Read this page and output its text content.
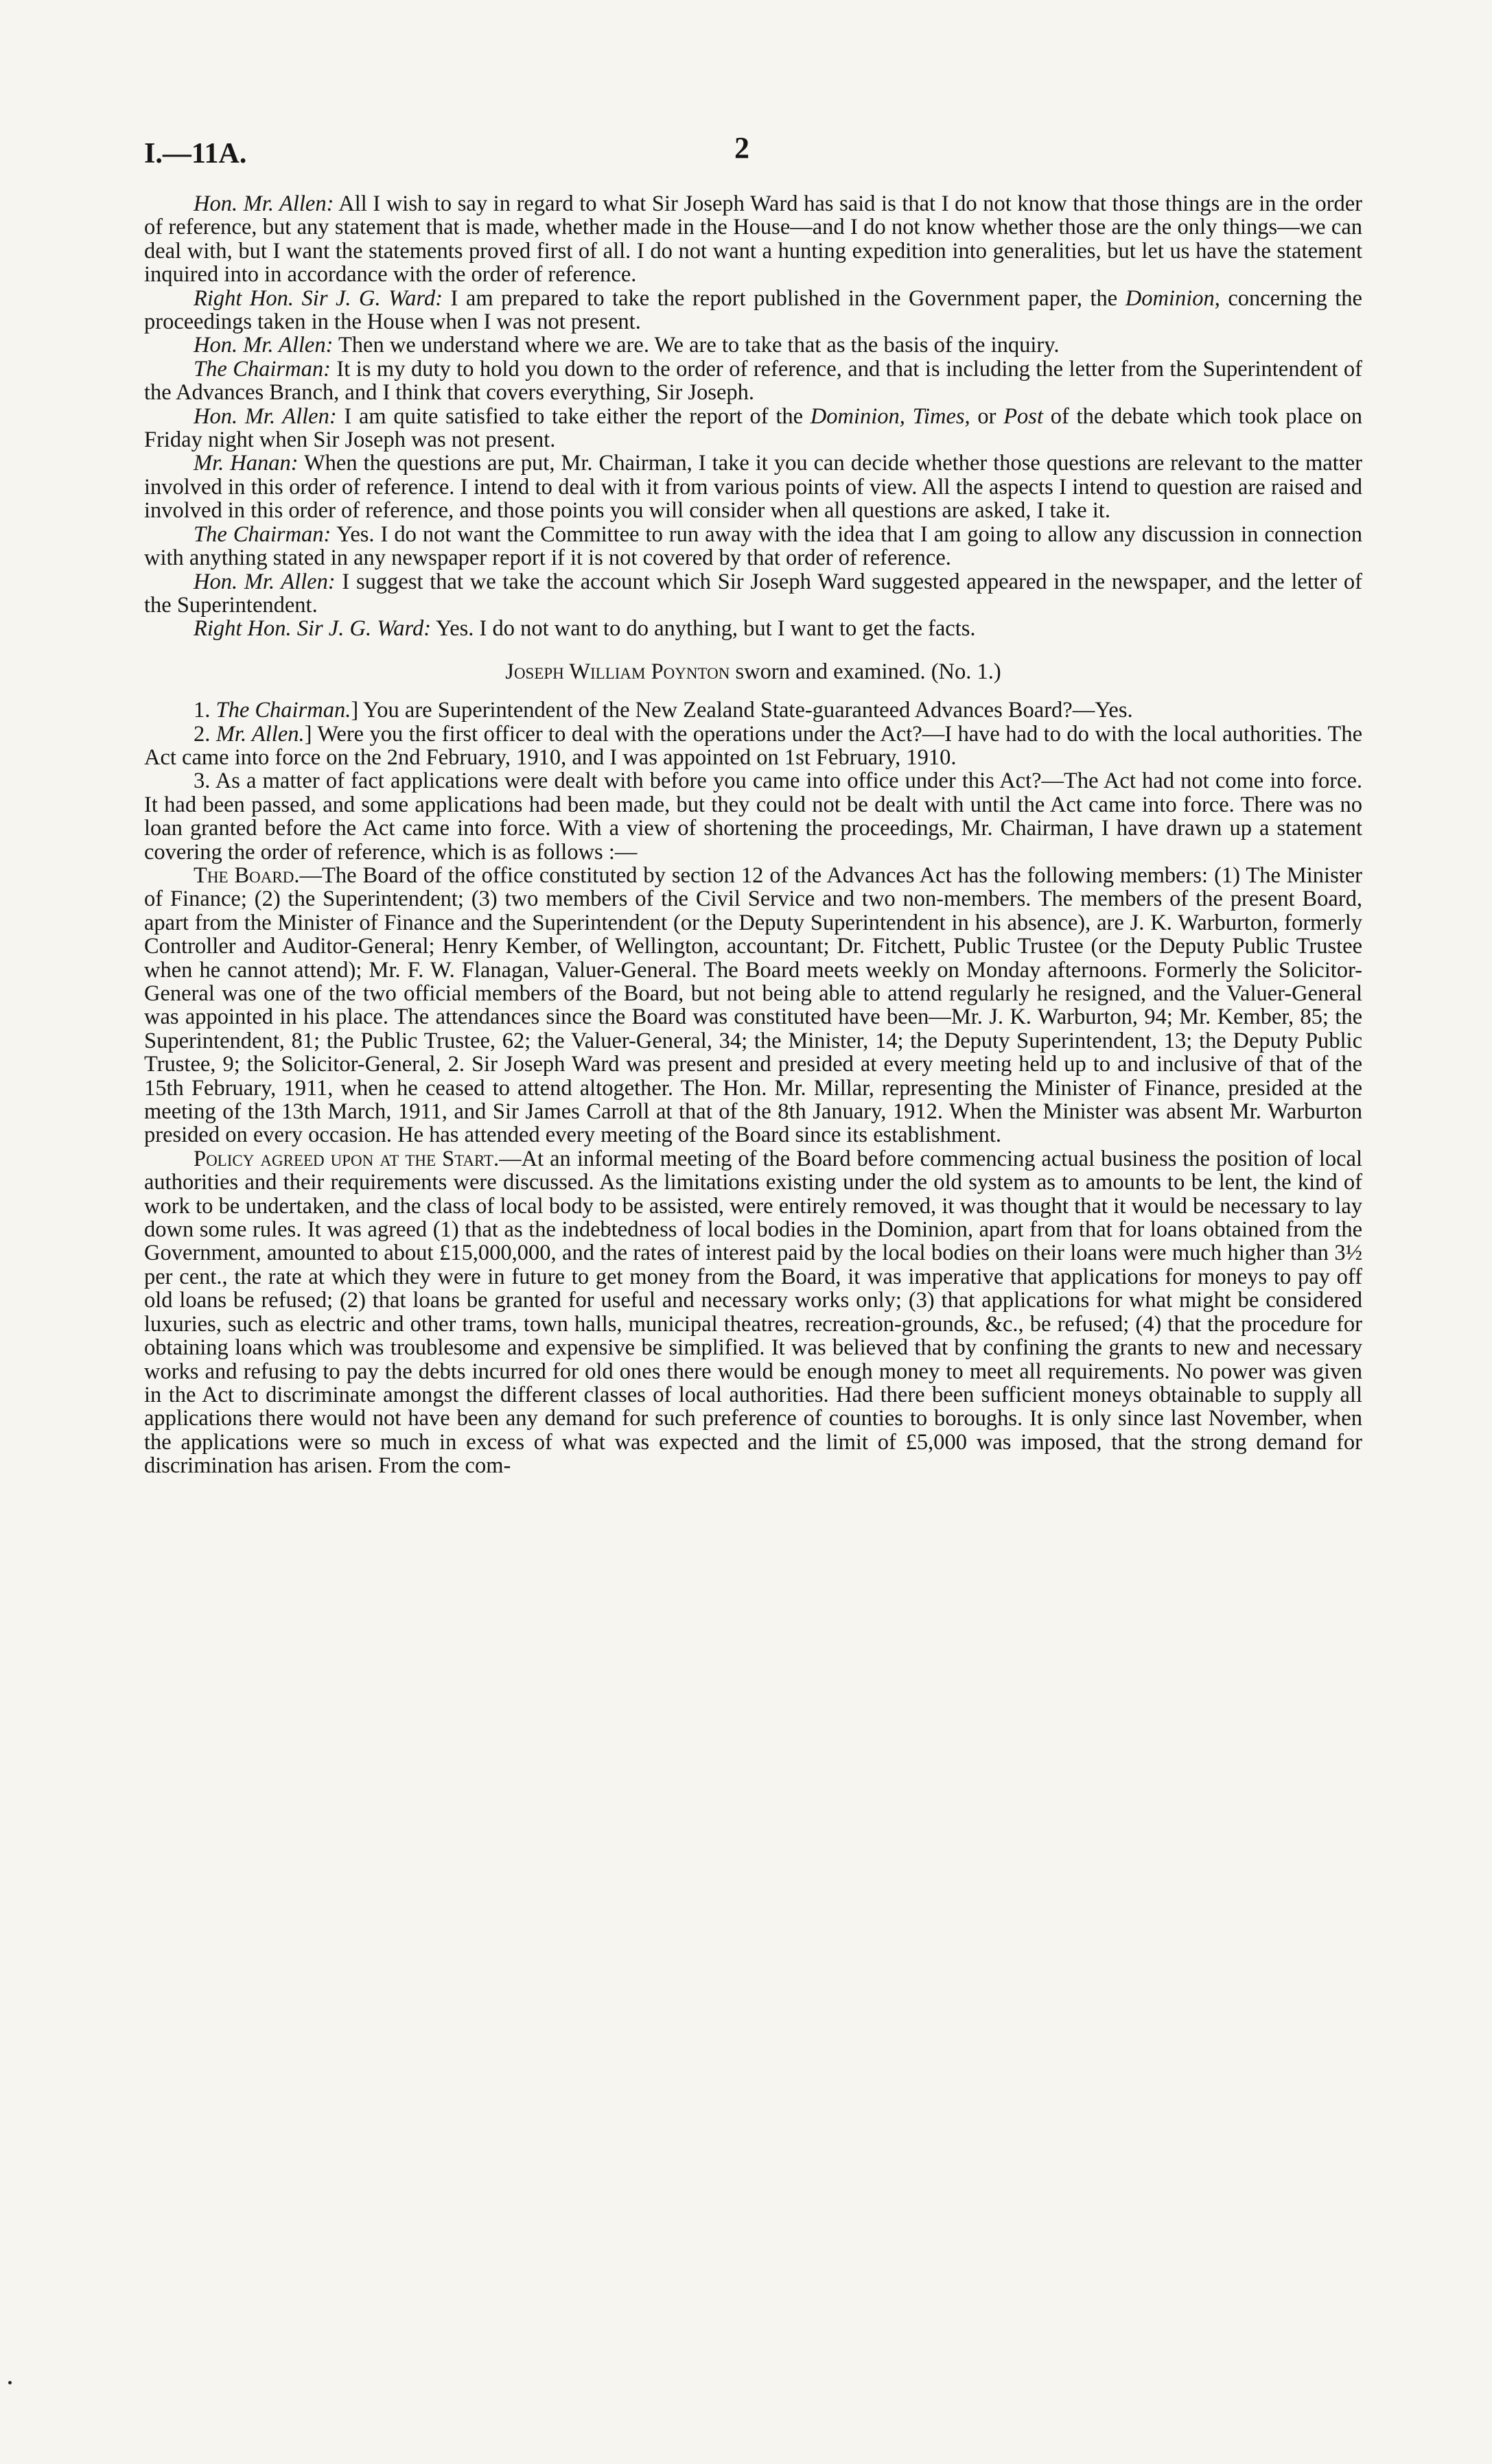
I.—11A.	2

Hon. Mr. Allen: All I wish to say in regard to what Sir Joseph Ward has said is that I do not know that those things are in the order of reference, but any statement that is made, whether made in the House—and I do not know whether those are the only things—we can deal with, but I want the statements proved first of all. I do not want a hunting expedition into generalities, but let us have the statement inquired into in accordance with the order of reference.

Right Hon. Sir J. G. Ward: I am prepared to take the report published in the Government paper, the Dominion, concerning the proceedings taken in the House when I was not present.

Hon. Mr. Allen: Then we understand where we are. We are to take that as the basis of the inquiry.

The Chairman: It is my duty to hold you down to the order of reference, and that is including the letter from the Superintendent of the Advances Branch, and I think that covers everything, Sir Joseph.

Hon. Mr. Allen: I am quite satisfied to take either the report of the Dominion, Times, or Post of the debate which took place on Friday night when Sir Joseph was not present.

Mr. Hanan: When the questions are put, Mr. Chairman, I take it you can decide whether those questions are relevant to the matter involved in this order of reference. I intend to deal with it from various points of view. All the aspects I intend to question are raised and involved in this order of reference, and those points you will consider when all questions are asked, I take it.

The Chairman: Yes. I do not want the Committee to run away with the idea that I am going to allow any discussion in connection with anything stated in any newspaper report if it is not covered by that order of reference.

Hon. Mr. Allen: I suggest that we take the account which Sir Joseph Ward suggested appeared in the newspaper, and the letter of the Superintendent.

Right Hon. Sir J. G. Ward: Yes. I do not want to do anything, but I want to get the facts.

Joseph William Poynton sworn and examined. (No. 1.)

1. The Chairman.] You are Superintendent of the New Zealand State-guaranteed Advances Board?—Yes.

2. Mr. Allen.] Were you the first officer to deal with the operations under the Act?—I have had to do with the local authorities. The Act came into force on the 2nd February, 1910, and I was appointed on 1st February, 1910.

3. As a matter of fact applications were dealt with before you came into office under this Act?—The Act had not come into force. It had been passed, and some applications had been made, but they could not be dealt with until the Act came into force. There was no loan granted before the Act came into force. With a view of shortening the proceedings, Mr. Chairman, I have drawn up a statement covering the order of reference, which is as follows :—

The Board.—The Board of the office constituted by section 12 of the Advances Act has the following members: (1) The Minister of Finance; (2) the Superintendent; (3) two members of the Civil Service and two non-members. The members of the present Board, apart from the Minister of Finance and the Superintendent (or the Deputy Superintendent in his absence), are J. K. Warburton, formerly Controller and Auditor-General; Henry Kember, of Wellington, accountant; Dr. Fitchett, Public Trustee (or the Deputy Public Trustee when he cannot attend); Mr. F. W. Flanagan, Valuer-General. The Board meets weekly on Monday afternoons. Formerly the Solicitor-General was one of the two official members of the Board, but not being able to attend regularly he resigned, and the Valuer-General was appointed in his place. The attendances since the Board was constituted have been—Mr. J. K. Warburton, 94; Mr. Kember, 85; the Superintendent, 81; the Public Trustee, 62; the Valuer-General, 34; the Minister, 14; the Deputy Superintendent, 13; the Deputy Public Trustee, 9; the Solicitor-General, 2. Sir Joseph Ward was present and presided at every meeting held up to and inclusive of that of the 15th February, 1911, when he ceased to attend altogether. The Hon. Mr. Millar, representing the Minister of Finance, presided at the meeting of the 13th March, 1911, and Sir James Carroll at that of the 8th January, 1912. When the Minister was absent Mr. Warburton presided on every occasion. He has attended every meeting of the Board since its establishment.

Policy agreed upon at the Start.—At an informal meeting of the Board before commencing actual business the position of local authorities and their requirements were discussed. As the limitations existing under the old system as to amounts to be lent, the kind of work to be undertaken, and the class of local body to be assisted, were entirely removed, it was thought that it would be necessary to lay down some rules. It was agreed (1) that as the indebtedness of local bodies in the Dominion, apart from that for loans obtained from the Government, amounted to about £15,000,000, and the rates of interest paid by the local bodies on their loans were much higher than 3½ per cent., the rate at which they were in future to get money from the Board, it was imperative that applications for moneys to pay off old loans be refused; (2) that loans be granted for useful and necessary works only; (3) that applications for what might be considered luxuries, such as electric and other trams, town halls, municipal theatres, recreation-grounds, &c., be refused; (4) that the procedure for obtaining loans which was troublesome and expensive be simplified. It was believed that by confining the grants to new and necessary works and refusing to pay the debts incurred for old ones there would be enough money to meet all requirements. No power was given in the Act to discriminate amongst the different classes of local authorities. Had there been sufficient moneys obtainable to supply all applications there would not have been any demand for such preference of counties to boroughs. It is only since last November, when the applications were so much in excess of what was expected and the limit of £5,000 was imposed, that the strong demand for discrimination has arisen. From the com-
